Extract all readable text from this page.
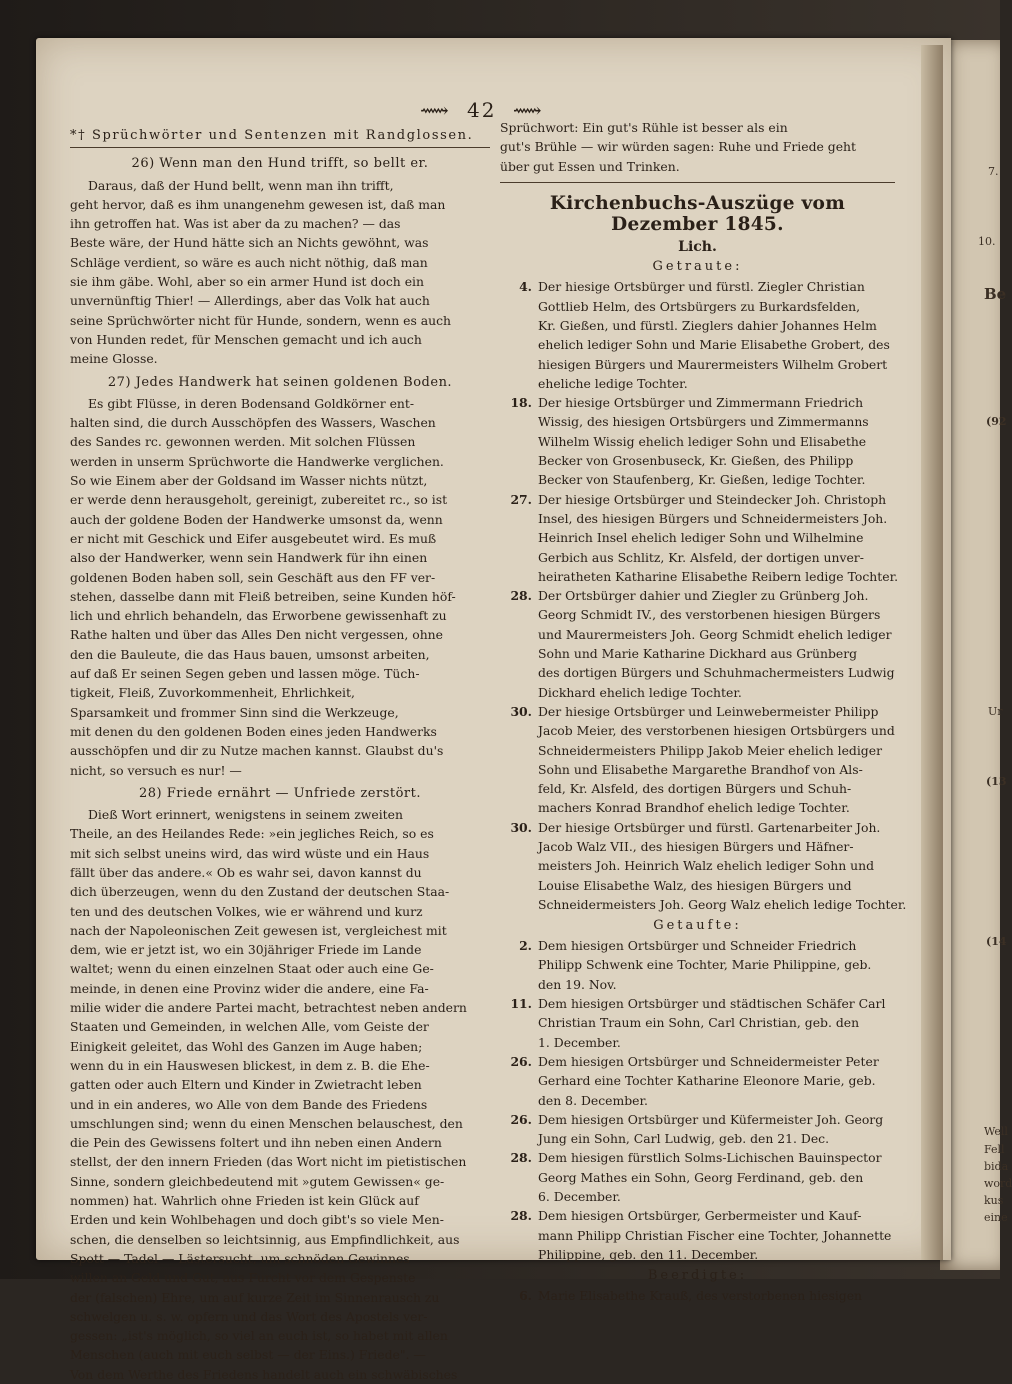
7.
10.
Be
(92
Ur
(13
(14
Well
Fell
bida
word
kus
eine
⟿ 42 ⟿
*† Sprüchwörter und Sentenzen mit Randglossen.
26) Wenn man den Hund trifft, so bellt er.
Daraus, daß der Hund bellt, wenn man ihn trifft,
geht hervor, daß es ihm unangenehm gewesen ist, daß man
ihn getroffen hat. Was ist aber da zu machen? — das
Beste wäre, der Hund hätte sich an Nichts gewöhnt, was
Schläge verdient, so wäre es auch nicht nöthig, daß man
sie ihm gäbe. Wohl, aber so ein armer Hund ist doch ein
unvernünftig Thier! — Allerdings, aber das Volk hat auch
seine Sprüchwörter nicht für Hunde, sondern, wenn es auch
von Hunden redet, für Menschen gemacht und ich auch
meine Glosse.
27) Jedes Handwerk hat seinen goldenen Boden.
Es gibt Flüsse, in deren Bodensand Goldkörner ent-
halten sind, die durch Ausschöpfen des Wassers, Waschen
des Sandes rc. gewonnen werden. Mit solchen Flüssen
werden in unserm Sprüchworte die Handwerke verglichen.
So wie Einem aber der Goldsand im Wasser nichts nützt,
er werde denn herausgeholt, gereinigt, zubereitet rc., so ist
auch der goldene Boden der Handwerke umsonst da, wenn
er nicht mit Geschick und Eifer ausgebeutet wird. Es muß
also der Handwerker, wenn sein Handwerk für ihn einen
goldenen Boden haben soll, sein Geschäft aus den FF ver-
stehen, dasselbe dann mit Fleiß betreiben, seine Kunden höf-
lich und ehrlich behandeln, das Erworbene gewissenhaft zu
Rathe halten und über das Alles Den nicht vergessen, ohne
den die Bauleute, die das Haus bauen, umsonst arbeiten,
auf daß Er seinen Segen geben und lassen möge. Tüch-
tigkeit, Fleiß, Zuvorkommenheit, Ehrlichkeit,
Sparsamkeit und frommer Sinn sind die Werkzeuge,
mit denen du den goldenen Boden eines jeden Handwerks
ausschöpfen und dir zu Nutze machen kannst. Glaubst du's
nicht, so versuch es nur! —
28) Friede ernährt — Unfriede zerstört.
Dieß Wort erinnert, wenigstens in seinem zweiten
Theile, an des Heilandes Rede: »ein jegliches Reich, so es
mit sich selbst uneins wird, das wird wüste und ein Haus
fällt über das andere.« Ob es wahr sei, davon kannst du
dich überzeugen, wenn du den Zustand der deutschen Staa-
ten und des deutschen Volkes, wie er während und kurz
nach der Napoleonischen Zeit gewesen ist, vergleichest mit
dem, wie er jetzt ist, wo ein 30jähriger Friede im Lande
waltet; wenn du einen einzelnen Staat oder auch eine Ge-
meinde, in denen eine Provinz wider die andere, eine Fa-
milie wider die andere Partei macht, betrachtest neben andern
Staaten und Gemeinden, in welchen Alle, vom Geiste der
Einigkeit geleitet, das Wohl des Ganzen im Auge haben;
wenn du in ein Hauswesen blickest, in dem z. B. die Ehe-
gatten oder auch Eltern und Kinder in Zwietracht leben
und in ein anderes, wo Alle von dem Bande des Friedens
umschlungen sind; wenn du einen Menschen belauschest, den
die Pein des Gewissens foltert und ihn neben einen Andern
stellst, der den innern Frieden (das Wort nicht im pietistischen
Sinne, sondern gleichbedeutend mit »gutem Gewissen« ge-
nommen) hat. Wahrlich ohne Frieden ist kein Glück auf
Erden und kein Wohlbehagen und doch gibt's so viele Men-
schen, die denselben so leichtsinnig, aus Empfindlichkeit, aus
Spott — Tadel — Lästersucht, um schnöden Gewinnes
willen an Geld und Gut, aus Furcht vor dem Gespenste
der (falschen) Ehre, um auf kurze Zeit im Sinnenrausch zu
schwelgen u. s. w. opfern und das Wort des Apostels ver-
gessen: „ist's möglich, so viel an euch ist, so habet mit allen
Menschen (auch mit euch selbst — der Eins.) Friede". —
Von dem Werthe des Friedens handelt auch ein schwäbisches
Sprüchwort: Ein gut's Rühle ist besser als ein
gut's Brühle — wir würden sagen: Ruhe und Friede geht
über gut Essen und Trinken.
Kirchenbuchs-Auszüge vom Dezember 1845.
Lich.
Getraute:
4. Der hiesige Ortsbürger und fürstl. Ziegler Christian
Gottlieb Helm, des Ortsbürgers zu Burkardsfelden,
Kr. Gießen, und fürstl. Zieglers dahier Johannes Helm
ehelich lediger Sohn und Marie Elisabethe Grobert, des
hiesigen Bürgers und Maurermeisters Wilhelm Grobert
eheliche ledige Tochter.
18. Der hiesige Ortsbürger und Zimmermann Friedrich
Wissig, des hiesigen Ortsbürgers und Zimmermanns
Wilhelm Wissig ehelich lediger Sohn und Elisabethe
Becker von Grosenbuseck, Kr. Gießen, des Philipp
Becker von Staufenberg, Kr. Gießen, ledige Tochter.
27. Der hiesige Ortsbürger und Steindecker Joh. Christoph
Insel, des hiesigen Bürgers und Schneidermeisters Joh.
Heinrich Insel ehelich lediger Sohn und Wilhelmine
Gerbich aus Schlitz, Kr. Alsfeld, der dortigen unver-
heiratheten Katharine Elisabethe Reibern ledige Tochter.
28. Der Ortsbürger dahier und Ziegler zu Grünberg Joh.
Georg Schmidt IV., des verstorbenen hiesigen Bürgers
und Maurermeisters Joh. Georg Schmidt ehelich lediger
Sohn und Marie Katharine Dickhard aus Grünberg
des dortigen Bürgers und Schuhmachermeisters Ludwig
Dickhard ehelich ledige Tochter.
30. Der hiesige Ortsbürger und Leinwebermeister Philipp
Jacob Meier, des verstorbenen hiesigen Ortsbürgers und
Schneidermeisters Philipp Jakob Meier ehelich lediger
Sohn und Elisabethe Margarethe Brandhof von Als-
feld, Kr. Alsfeld, des dortigen Bürgers und Schuh-
machers Konrad Brandhof ehelich ledige Tochter.
30. Der hiesige Ortsbürger und fürstl. Gartenarbeiter Joh.
Jacob Walz VII., des hiesigen Bürgers und Häfner-
meisters Joh. Heinrich Walz ehelich lediger Sohn und
Louise Elisabethe Walz, des hiesigen Bürgers und
Schneidermeisters Joh. Georg Walz ehelich ledige Tochter.
Getaufte:
2. Dem hiesigen Ortsbürger und Schneider Friedrich
Philipp Schwenk eine Tochter, Marie Philippine, geb.
den 19. Nov.
11. Dem hiesigen Ortsbürger und städtischen Schäfer Carl
Christian Traum ein Sohn, Carl Christian, geb. den
1. December.
26. Dem hiesigen Ortsbürger und Schneidermeister Peter
Gerhard eine Tochter Katharine Eleonore Marie, geb.
den 8. December.
26. Dem hiesigen Ortsbürger und Küfermeister Joh. Georg
Jung ein Sohn, Carl Ludwig, geb. den 21. Dec.
28. Dem hiesigen fürstlich Solms-Lichischen Bauinspector
Georg Mathes ein Sohn, Georg Ferdinand, geb. den
6. December.
28. Dem hiesigen Ortsbürger, Gerbermeister und Kauf-
mann Philipp Christian Fischer eine Tochter, Johannette
Philippine, geb. den 11. December.
Beerdigte:
6. Marie Elisabethe Krauß, des verstorbenen hiesigen
